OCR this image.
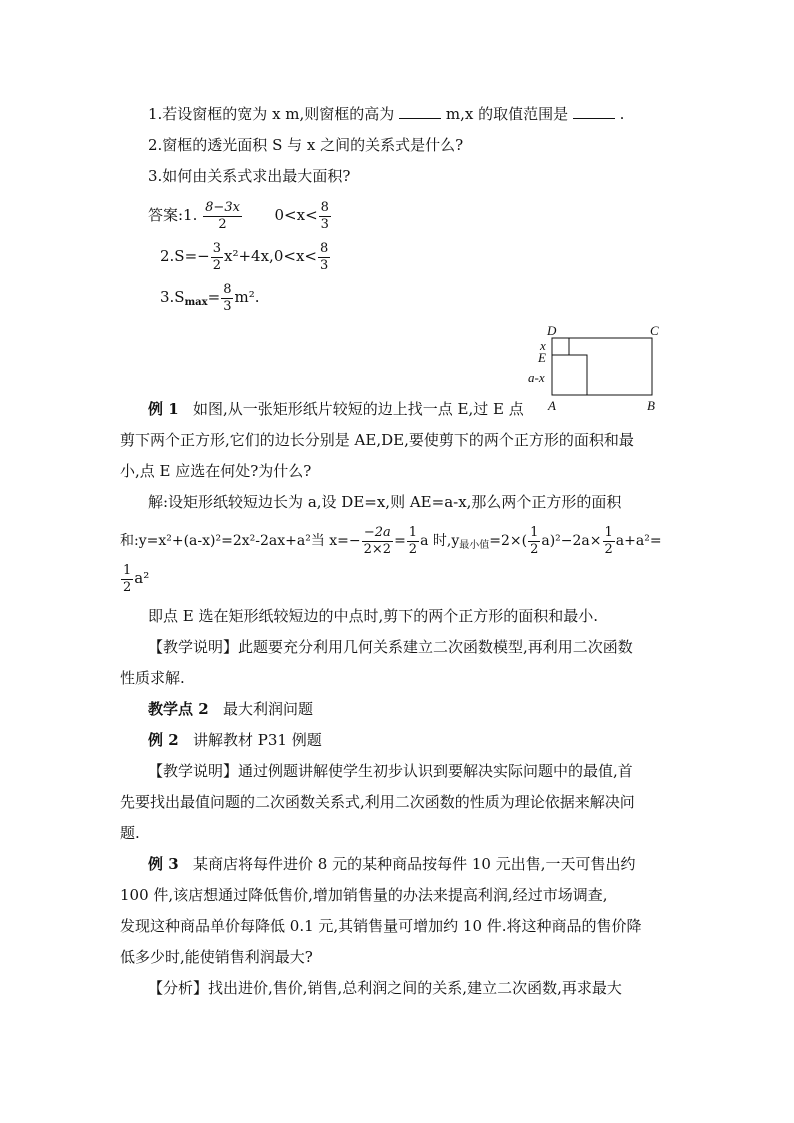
1.若设窗框的宽为 x m,则窗框的高为	m,x 的取值范围是	.
2.窗框的透光面积 S 与 x 之间的关系式是什么?
3.如何由关系式求出最大面积?
答案:1. $\frac{8-3x}{2} 0<x< \frac{8}{3}$
$2.S=- \frac{3}{2} x^2+4x,0<x< \frac{8}{3}$
$3.S_{max}= \frac{8}{3} m^2$.
D	C
x
E
a-x
A	B
例 1 如图,从一张矩形纸片较短的边上找一点 E,过 E 点
剪下两个正方形,它们的边长分别是 AE,DE,要使剪下的两个正方形的面积和最
小,点 E 应选在何处?为什么?
解:设矩形纸较短边长为 a,设 DE=x,则 AE=a-x,那么两个正方形的面积
和:y=x²+(a-x)²=2x²-2ax+a²当 $x=- \frac{-2a}{2\times 2} = \frac{1}{2}$ a 时$,y_{最小值}=2\times( \frac{1}{2} a)^2-2a\times \frac{1}{2} a+a^2=$
$\frac{1}{2} a^2$
即点 E 选在矩形纸较短边的中点时,剪下的两个正方形的面积和最小.
【教学说明】此题要充分利用几何关系建立二次函数模型,再利用二次函数
性质求解.
教学点 2 最大利润问题
例 2 讲解教材 P31 例题
【教学说明】通过例题讲解使学生初步认识到要解决实际问题中的最值,首
先要找出最值问题的二次函数关系式,利用二次函数的性质为理论依据来解决问
题.
例 3 某商店将每件进价 8 元的某种商品按每件 10 元出售,一天可售出约
100 件,该店想通过降低售价,增加销售量的办法来提高利润,经过市场调查,
发现这种商品单价每降低 0.1 元,其销售量可增加约 10 件.将这种商品的售价降
低多少时,能使销售利润最大?
【分析】找出进价,售价,销售,总利润之间的关系,建立二次函数,再求最大
